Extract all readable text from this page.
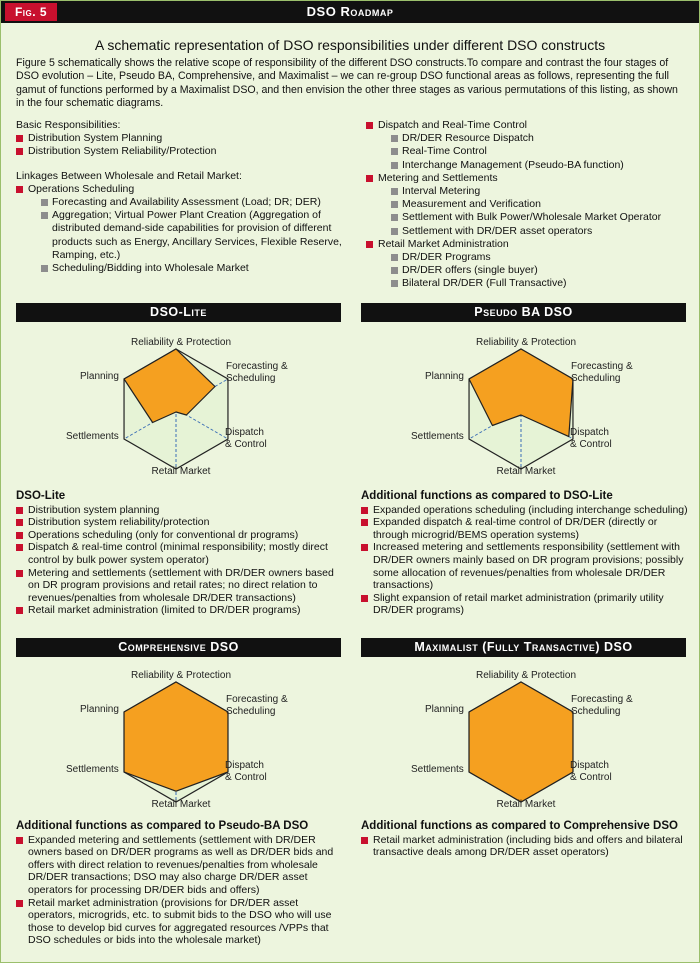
DSO Roadmap
Fig. 5
A schematic representation of DSO responsibilities under different DSO constructs
Figure 5 schematically shows the relative scope of responsibility of the different DSO constructs.To compare and contrast the four stages of DSO evolution – Lite, Pseudo BA, Comprehensive, and Maximalist – we can re-group DSO functional areas as follows, representing the full gamut of functions performed by a Maximalist DSO, and then envision the other three stages as various permutations of this listing, as shown in the four schematic diagrams.
Basic Responsibilities:
Distribution System Planning
Distribution System Reliability/Protection
Linkages Between Wholesale and Retail Market:
Operations Scheduling
Forecasting and Availability Assessment (Load; DR; DER)
Aggregation; Virtual Power Plant Creation (Aggregation of distributed demand-side capabilities for provision of different products such as Energy, Ancillary Services, Flexible Reserve, Ramping, etc.)
Scheduling/Bidding into Wholesale Market
Dispatch and Real-Time Control
DR/DER Resource Dispatch
Real-Time Control
Interchange Management (Pseudo-BA function)
Metering and Settlements
Interval Metering
Measurement and Verification
Settlement with Bulk Power/Wholesale Market Operator
Settlement with DR/DER asset operators
Retail Market Administration
DR/DER Programs
DR/DER offers (single buyer)
Bilateral DR/DER (Full Transactive)
DSO-Lite
Reliability & Protection
Forecasting &
Scheduling
Dispatch
& Control
Retail Market
Settlements
Planning
DSO-Lite
Distribution system planning
Distribution system reliability/protection
Operations scheduling (only for conventional dr programs)
Dispatch & real-time control (minimal responsibility; mostly direct control by bulk power system operator)
Metering and settlements (settlement with DR/DER owners based on DR program provisions and retail rates; no direct relation to revenues/penalties from wholesale DR/DER transactions)
Retail market administration (limited to DR/DER programs)
Pseudo BA DSO
Reliability & Protection
Forecasting &
Scheduling
Dispatch
& Control
Retail Market
Settlements
Planning
Additional functions as compared to DSO-Lite
Expanded operations scheduling (including interchange scheduling)
Expanded dispatch & real-time control of DR/DER (directly or through microgrid/BEMS operation systems)
Increased metering and settlements responsibility (settlement with DR/DER owners mainly based on DR program provisions; possibly some allocation of revenues/penalties from wholesale DR/DER transactions)
Slight expansion of retail market administration (primarily utility DR/DER programs)
Comprehensive DSO
Reliability & Protection
Forecasting &
Scheduling
Dispatch
& Control
Retail Market
Settlements
Planning
Additional functions as compared to Pseudo-BA DSO
Expanded metering and settlements (settlement with DR/DER owners based on DR/DER programs as well as DR/DER bids and offers with direct relation to revenues/penalties from wholesale DR/DER transactions; DSO may also charge DR/DER asset operators for processing DR/DER bids and offers)
Retail market administration (provisions for DR/DER asset operators, microgrids, etc. to submit bids to the DSO who will use those to develop bid curves for aggregated resources /VPPs that DSO schedules or bids into the wholesale market)
Maximalist (Fully Transactive) DSO
Reliability & Protection
Forecasting &
Scheduling
Dispatch
& Control
Retail Market
Settlements
Planning
Additional functions as compared to Comprehensive DSO
Retail market administration (including bids and offers and bilateral transactive deals among DR/DER asset operators)
